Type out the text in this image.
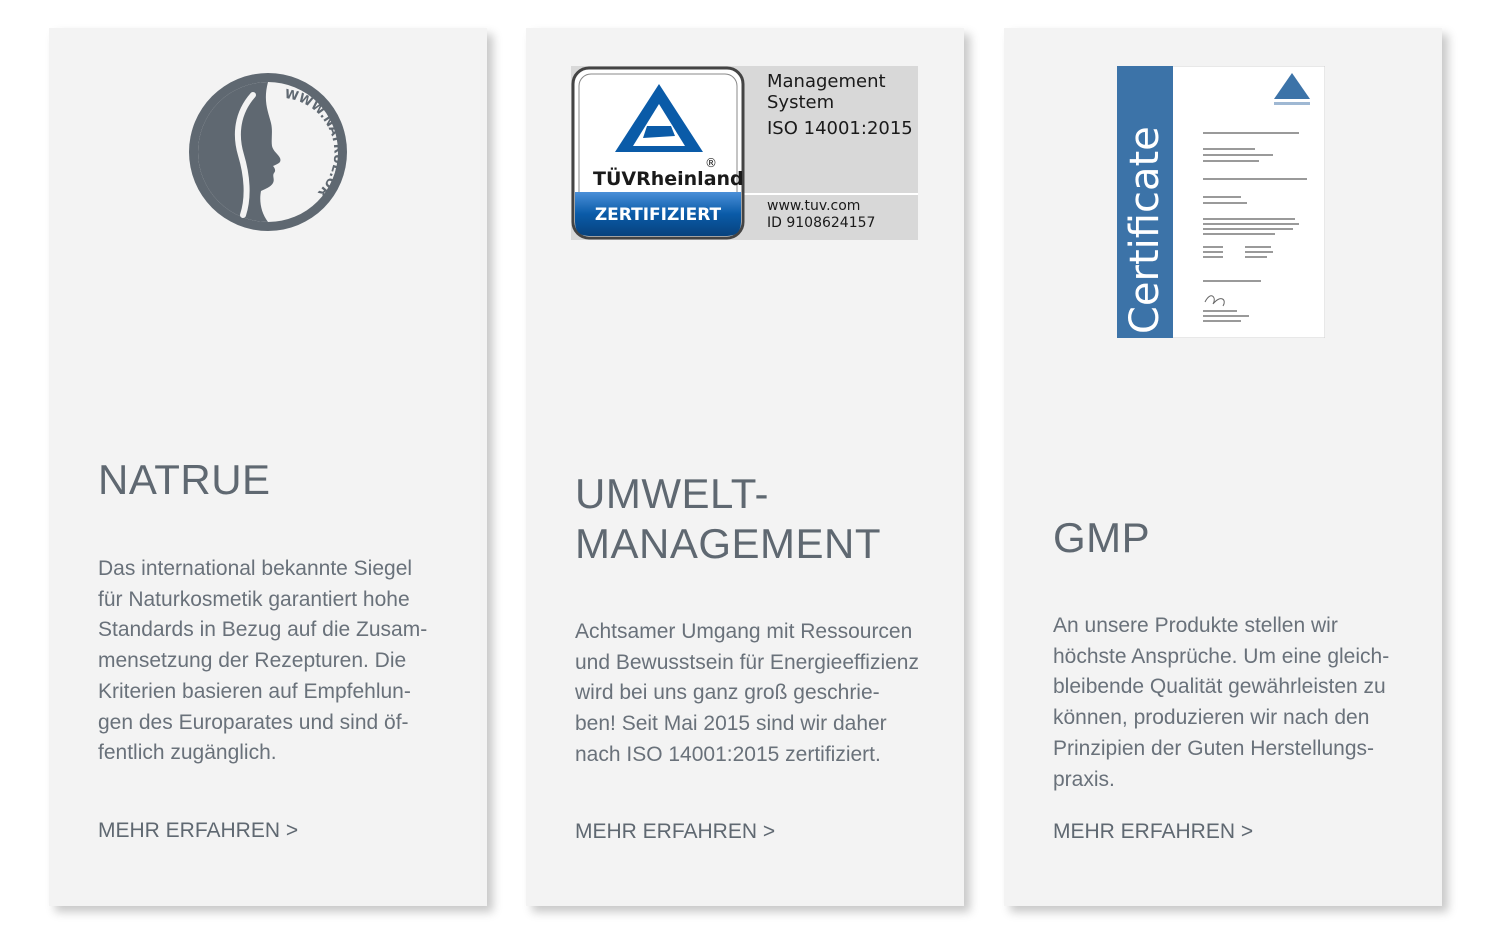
WWW.NATRUE.OR
NATRUE

Das international bekannte Siegel
für Naturkosmetik garantiert hohe
Standards in Bezug auf die Zusam-
mensetzung der Rezepturen. Die
Kriterien basieren auf Empfehlun-
gen des Europarates und sind öf-
fentlich zugänglich.

MEHR ERFAHREN >
TÜVRheinland
®
ZERTIFIZIERT
Management
System
ISO 14001:2015
www.tuv.com
ID 9108624157
UMWELT-
MANAGEMENT

Achtsamer Umgang mit Ressourcen
und Bewusstsein für Energieeffizienz
wird bei uns ganz groß geschrie-
ben! Seit Mai 2015 sind wir daher
nach ISO 14001:2015 zertifiziert.

MEHR ERFAHREN >
Certificate
GMP

An unsere Produkte stellen wir
höchste Ansprüche. Um eine gleich-
bleibende Qualität gewährleisten zu
können, produzieren wir nach den
Prinzipien der Guten Herstellungs-
praxis.

MEHR ERFAHREN >
